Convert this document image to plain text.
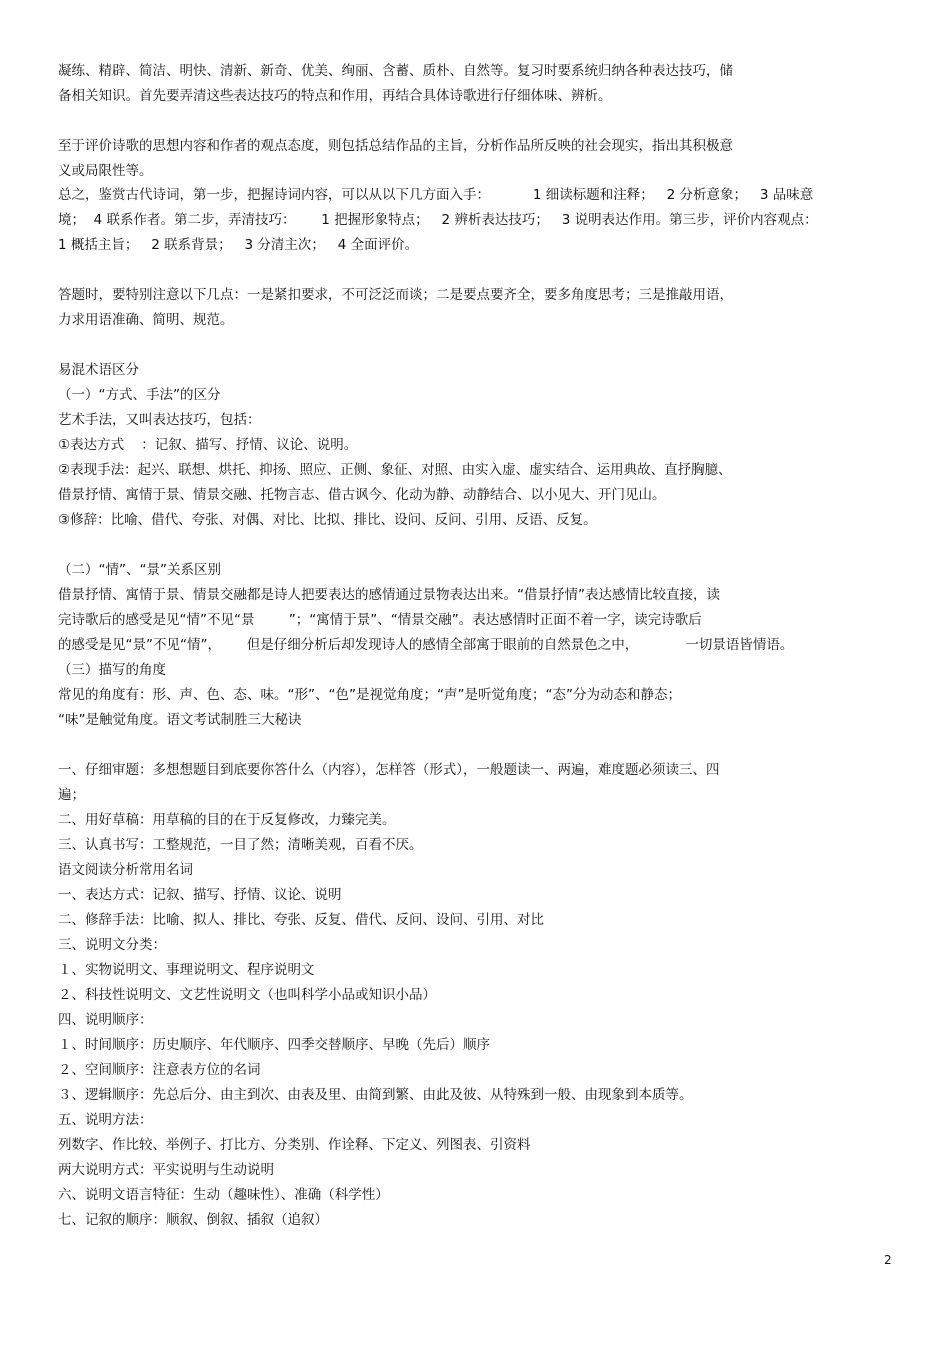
凝练、精辟、简洁、明快、清新、新奇、优美、绚丽、含蓄、质朴、自然等。复习时要系统归纳各种表达技巧，储
备相关知识。首先要弄清这些表达技巧的特点和作用，再结合具体诗歌进行仔细体味、辨析。
至于评价诗歌的思想内容和作者的观点态度，则包括总结作品的主旨，分析作品所反映的社会现实，指出其积极意
义或局限性等。
总之，鉴赏古代诗词，第一步，把握诗词内容，可以从以下几方面入手：          1 细读标题和注释；   2 分析意象；   3 品味意
境；  4 联系作者。第二步，弄清技巧：      1 把握形象特点；   2 辨析表达技巧；   3 说明表达作用。第三步，评价内容观点：
1 概括主旨；   2 联系背景；   3 分清主次；   4 全面评价。
答题时，要特别注意以下几点：一是紧扣要求，不可泛泛而谈；二是要点要齐全，要多角度思考；三是推敲用语，
力求用语准确、简明、规范。
易混术语区分
（一）“方式、手法”的区分
艺术手法，又叫表达技巧，包括：
①表达方式    ：记叙、描写、抒情、议论、说明。
②表现手法：起兴、联想、烘托、抑扬、照应、正侧、象征、对照、由实入虚、虚实结合、运用典故、直抒胸臆、
借景抒情、寓情于景、情景交融、托物言志、借古讽今、化动为静、动静结合、以小见大、开门见山。
③修辞：比喻、借代、夸张、对偶、对比、比拟、排比、设问、反问、引用、反语、反复。
（二）“情”、“景”关系区别
借景抒情、寓情于景、情景交融都是诗人把要表达的感情通过景物表达出来。“借景抒情”表达感情比较直接，读
完诗歌后的感受是见“情”不见“景        ”；“寓情于景”、“情景交融”。表达感情时正面不着一字，读完诗歌后
的感受是见“景”不见“情”，      但是仔细分析后却发现诗人的感情全部寓于眼前的自然景色之中，           一切景语皆情语。
（三）描写的角度
常见的角度有：形、声、色、态、味。“形”、“色”是视觉角度；“声”是听觉角度；“态”分为动态和静态；
“味”是触觉角度。语文考试制胜三大秘诀
一、仔细审题：多想想题目到底要你答什么（内容），怎样答（形式），一般题读一、两遍，难度题必须读三、四
遍；
二、用好草稿：用草稿的目的在于反复修改，力臻完美。
三、认真书写：工整规范，一目了然；清晰美观，百看不厌。
语文阅读分析常用名词
一、表达方式：记叙、描写、抒情、议论、说明
二、修辞手法：比喻、拟人、排比、夸张、反复、借代、反问、设问、引用、对比
三、说明文分类：
１、实物说明文、事理说明文、程序说明文
２、科技性说明文、文艺性说明文（也叫科学小品或知识小品）
四、说明顺序：
１、时间顺序：历史顺序、年代顺序、四季交替顺序、早晚（先后）顺序
２、空间顺序：注意表方位的名词
３、逻辑顺序：先总后分、由主到次、由表及里、由简到繁、由此及彼、从特殊到一般、由现象到本质等。
五、说明方法：
列数字、作比较、举例子、打比方、分类别、作诠释、下定义、列图表、引资料
两大说明方式：平实说明与生动说明
六、说明文语言特征：生动（趣味性）、准确（科学性）
七、记叙的顺序：顺叙、倒叙、插叙（追叙）
2
